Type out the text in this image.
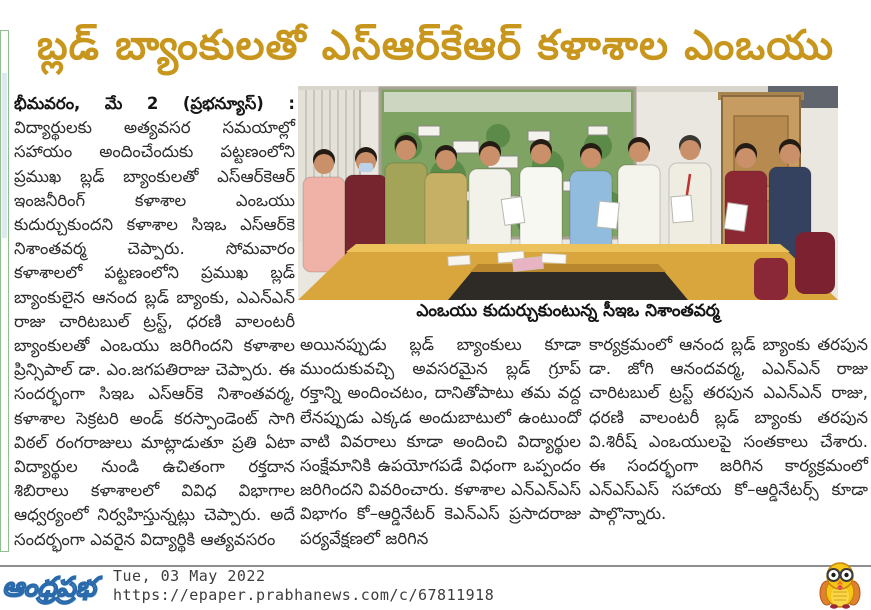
బ్లడ్ బ్యాంకులతో ఎస్ఆర్‌కేఆర్ కళాశాల ఎంఒయు
భీమవరం, మే 2 (ప్రభన్యూస్) : విద్యార్థులకు అత్యవసర సమయాల్లో సహాయం అందించేందుకు పట్టణంలోని ప్రముఖ బ్లడ్ బ్యాంకులతో ఎస్ఆర్‌కెఆర్ ఇంజనీరింగ్ కళాశాల ఎంఒయు కుదుర్చుకుందని కళాశాల సిఇఒ ఎస్ఆర్‌కె నిశాంతవర్మ చెప్పారు. సోమవారం కళాశాలలో పట్టణంలోని ప్రముఖ బ్లడ్ బ్యాంకులైన ఆనంద బ్లడ్ బ్యాంకు, ఎఎన్ఎన్ రాజు చారిటబుల్ ట్రస్ట్, ధరణి వాలంటరీ బ్యాంకులతో ఎంఒయు జరిగిందని కళాశాల ప్రిన్సిపాల్ డా. ఎం.జగపతిరాజు చెప్పారు. ఈ సందర్భంగా సిఇఒ ఎస్ఆర్‌కె నిశాంతవర్మ, కళాశాల సెక్రటరి అండ్ కరస్పాండెంట్ సాగి విఠల్ రంగరాజులు మాట్లాడుతూ ప్రతి ఏటా విద్యార్థుల నుండి ఉచితంగా రక్తదాన శిబిరాలు కళాశాలలో వివిధ విభాగాల ఆధ్వర్యంలో నిర్వహిస్తున్నట్లు చెప్పారు. అదే సందర్భంగా ఎవరైన విద్యార్థికి ఆత్యవసరం
ఎంఒయు కుదుర్చుకుంటున్న సీఇఒ నిశాంతవర్మ
అయినప్పుడు బ్లడ్ బ్యాంకులు కూడా ముందుకువచ్చి అవసరమైన బ్లడ్ గ్రూప్ రక్తాన్ని అందించటం, దానితోపాటు తమ వద్ద లేనప్పుడు ఎక్కడ అందుబాటులో ఉంటుందో వాటి వివరాలు కూడా అందించి విద్యార్థుల సంక్షేమానికి ఉపయోగపడే విధంగా ఒప్పందం జరిగిందని వివరించారు. కళాశాల ఎన్ఎన్ఎస్ విభాగం కో–ఆర్డినేటర్ కెఎన్ఎస్ ప్రసాదరాజు పర్యవేక్షణలో జరిగిన
కార్యక్రమంలో ఆనంద బ్లడ్ బ్యాంకు తరపున డా. జోగి ఆనందవర్మ, ఎఎన్ఎన్ రాజు చారిటబుల్ ట్రస్ట్ తరపున ఎఎన్ఎన్ రాజు, ధరణి వాలంటరీ బ్లడ్ బ్యాంకు తరపున వి.శిరీష్ ఎంఒయులపై సంతకాలు చేశారు. ఈ సందర్భంగా జరిగిన కార్యక్రమంలో ఎన్ఎస్ఎస్ సహాయ కో–ఆర్డినేటర్స్ కూడా పాల్గొన్నారు.
ఆంధ్రప్రభ	Tue, 03 May 2022
https://epaper.prabhanews.com/c/67811918
